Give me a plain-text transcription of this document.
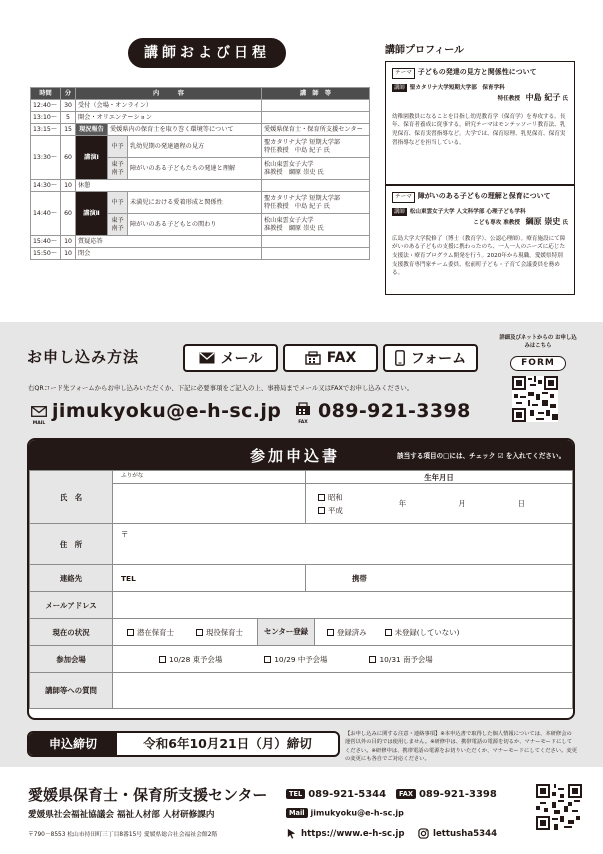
講師および日程
時間	分	内　　　容			講　師　等
12:40～	30	受付（会場・オンライン）			
13:10～	5	開会・オリエンテーション			
13:15～	15	現況報告	愛媛県内の保育士を取り巻く環境等について		愛媛県保育士・保育所支援センター
13:30～	60	講演Ⅰ	中予	乳幼児期の発達過程の見方	聖カタリナ大学 短期大学部
特任教授　中島 紀子 氏

			東予 南予	障がいのある子どもたちの発達と理解	松山東雲女子大学
准教授　綱原 崇史 氏

14:30～	10	休憩			
14:40～	60	講演Ⅱ	中予	未満児における愛着形成と関係性	聖カタリナ大学 短期大学部
特任教授　中島 紀子 氏

			東予 南予	障がいのある子どもとの関わり	松山東雲女子大学
准教授　綱原 崇史 氏

15:40～	10	質疑応答			
15:50～	10	閉会			
講師プロフィール
テーマ 子どもの発達の見方と関係性について
講師 聖カタリナ大学短期大学部　保育学科
特任教授　 中島 紀子 氏
幼稚園教員になることを目指し幼児教育学（保育学）を専攻する。長年、保育者養成に従事する。研究テーマはモンテッソーリ教育法、乳児保育、保育実習指導など。大学では、保育原理、乳児保育、保育実習指導などを担当している。
テーマ 障がいのある子どもの理解と保育について
講師 松山東雲女子大学 人文科学部 心理子ども学科
こども専攻 准教授　 綱原 崇史 氏
広島大学大学院修了（博士（教育学）、公認心理師）。療育施設にて障がいのある子どもの支援に携わったのち、一人一人のニーズに応じた支援法・療育プログラム開発を行う。2020年から現職。愛媛県特別支援教育専門家チーム委員、松前町子ども・子育て会議委員を務める。
お申し込み方法	メール	FAX	フォーム
詳細及びネットからの お申し込みはこちら
FORM
右QRコード先フォームからお申し込みいただくか、下記に必要事項をご記入の上、事務局までメール又はFAXでお申し込みください。
MAIL
jimukyoku@e-h-sc.jp
FAX
089-921-3398
参加申込書	該当する項目の□には、チェック ☑ を入れてください。
氏　名	ふりがな	生年月日

		昭和
平成
年 月 日

住　所	〒	
連絡先	TEL	携帯
メールアドレス		
現在の状況	潜在保育士 現役保育士 センター登録 登録済み 未登録(していない)	

参加会場	10/28 東予会場 10/29 中予会場 10/31 南予会場	

講師等への質問		
申込締切	令和6年10月21日（月）締切
【お申し込みに関する注意・連絡事項】※本申込書で取得した個人情報については、本研修会の運営以外の目的では使用しません。※研修中は、携帯電話の電源を切るか、マナーモードにしてください。※研修中は、携帯電話の電源をお切りいただくか、マナーモードにしてください。変更の変更にも各自でご対応ください。
愛媛県保育士・保育所支援センター
愛媛県社会福祉協議会 福祉人材部 人材研修課内
〒790－8553 松山市持田町三丁目8番15号 愛媛県総合社会福祉会館2階
TEL 089-921-5344	FAX 089-921-3398
Mail jimukyoku@e-h-sc.jp
https://www.e-h-sc.jp	lettusha5344
